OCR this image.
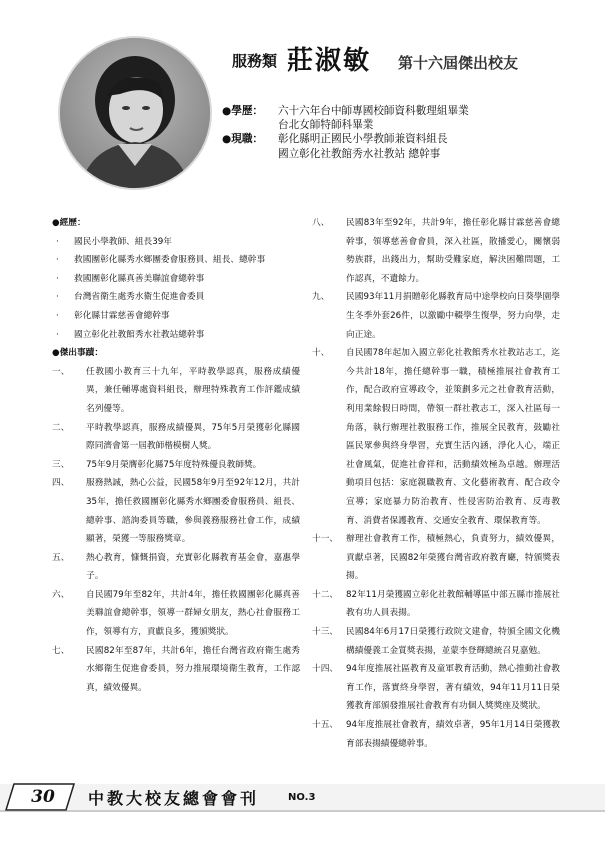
服務類 莊淑敏 第十六屆傑出校友
●學歷： 六十六年台中師專國校師資科數理組畢業
台北女師特師科畢業
●現職： 彰化縣明正國民小學教師兼資料組長
國立彰化社教館秀水社教站 總幹事
●經歷：
· 國民小學教師、組長39年
· 救國團彰化縣秀水鄉團委會服務員、組長、總幹事
· 救國團彰化縣真善美聯誼會總幹事
· 台灣省衛生處秀水衛生促進會委員
· 彰化縣甘霖慈善會總幹事
· 國立彰化社教館秀水社教站總幹事
●傑出事蹟：
一、	任教國小教育三十九年，平時教學認真，服務成績優異，兼任輔導處資料組長，辦理特殊教育工作評鑑成績名列優等。
二、	平時教學認真，服務成績優異，75年5月榮獲彰化縣國際同濟會第一屆教師楷模樹人獎。
三、	75年9月榮膺彰化縣75年度特殊優良教師獎。
四、	服務熱誠，熱心公益，民國58年9月至92年12月，共計35年，擔任救國團彰化縣秀水鄉團委會服務員、組長、總幹事、諮詢委員等職，參與義務服務社會工作，成績顯著，榮獲一等服務獎章。
五、	熱心教育，慷慨捐資，充實彰化縣教育基金會，嘉惠學子。
六、	自民國79年至82年，共計4年，擔任救國團彰化縣真善美聯誼會總幹事，領導一群婦女朋友，熱心社會服務工作，領導有方，貢獻良多，獲頒獎狀。
七、	民國82年至87年，共計6年，擔任台灣省政府衛生處秀水鄉衛生促進會委員，努力推展環境衛生教育，工作認真，績效優異。
八、	民國83年至92年，共計9年，擔任彰化縣甘霖慈善會總幹事，領導慈善會會員，深入社區，散播愛心，關懷弱勢族群，出錢出力，幫助受難家庭，解決困難問題，工作認真，不遺餘力。
九、	民國93年11月捐贈彰化縣教育局中途學校向日葵學園學生冬季外套26件，以激勵中輟學生復學，努力向學，走向正途。
十、	自民國78年起加入國立彰化社教館秀水社教站志工，迄今共計18年，擔任總幹事一職，積極推展社會教育工作，配合政府宣導政令，並策劃多元之社會教育活動，利用業餘假日時間，帶領一群社教志工，深入社區每一角落，執行辦理社教服務工作，推展全民教育，鼓勵社區民眾參與終身學習，充實生活內涵，淨化人心，端正社會風氣，促進社會祥和，活動績效極為卓越。辦理活動項目包括：家庭親職教育、文化藝術教育、配合政令宣導；家庭暴力防治教育、性侵害防治教育、反毒教育、消費者保護教育、交通安全教育、環保教育等。
十一、 辦理社會教育工作，積極熱心，負責努力，績效優異，貢獻卓著，民國82年榮獲台灣省政府教育廳，特頒獎表揚。
十二、 82年11月榮獲國立彰化社教館輔導區中部五縣市推展社教有功人員表揚。
十三、 民國84年6月17日榮獲行政院文建會，特頒全國文化機構績優義工金質獎表揚，並蒙李登輝總統召見嘉勉。
十四、 94年度推展社區教育及童軍教育活動，熱心推動社會教育工作，落實終身學習，著有績效，94年11月11日榮獲教育部頒發推展社會教育有功個人獎獎座及獎狀。
十五、 94年度推展社會教育，績效卓著，95年1月14日榮獲教育部表揚績優總幹事。
30	中教大校友總會會刊	NO.3
